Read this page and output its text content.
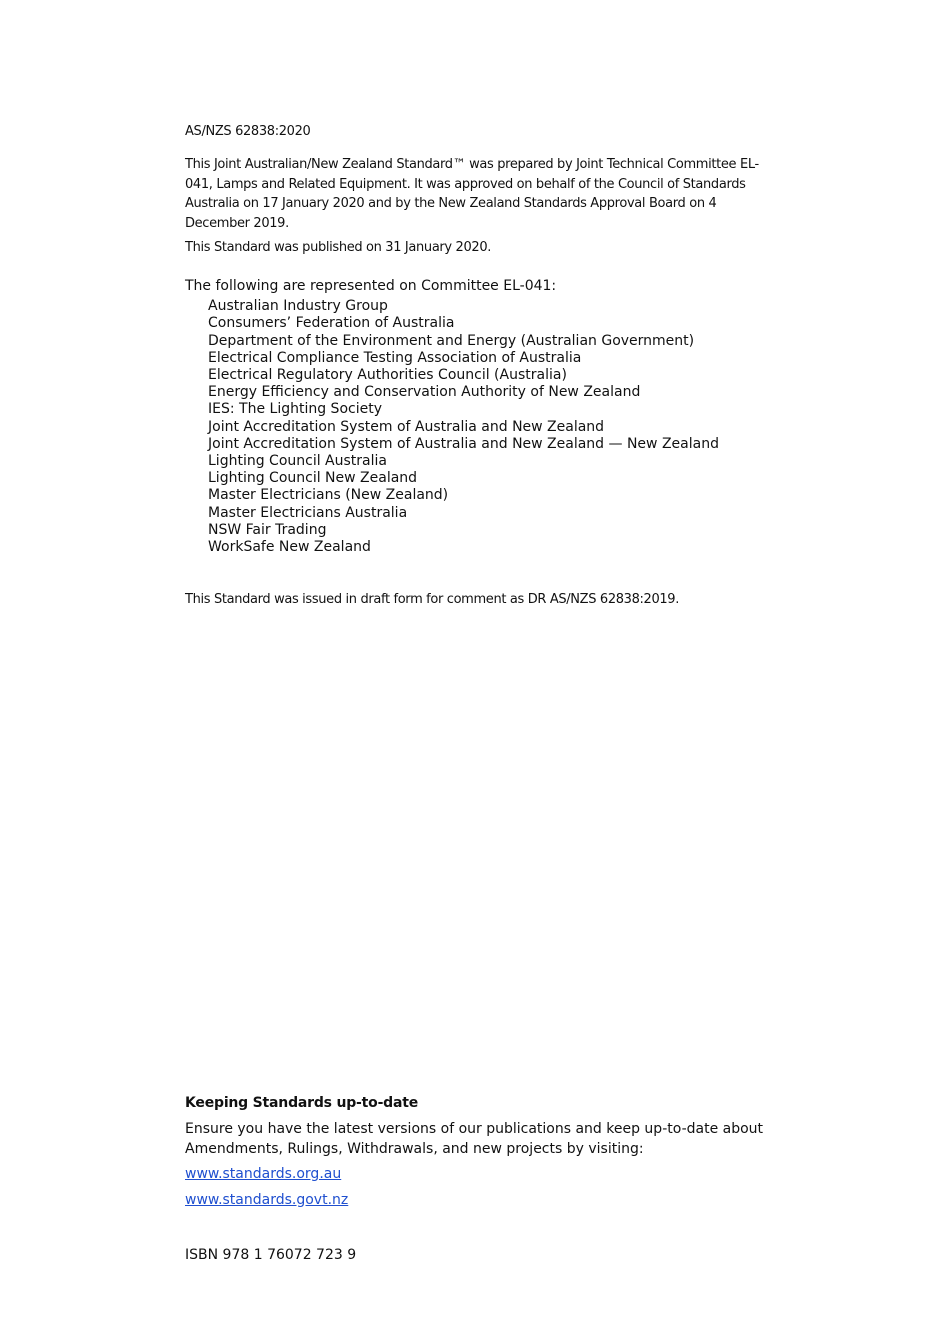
AS/NZS 62838:2020

This Joint Australian/New Zealand Standard™ was prepared by Joint Technical Committee EL-041, Lamps and Related Equipment. It was approved on behalf of the Council of Standards Australia on 17 January 2020 and by the New Zealand Standards Approval Board on 4 December 2019.

This Standard was published on 31 January 2020.
The following are represented on Committee EL-041:
Australian Industry Group
Consumers’ Federation of Australia
Department of the Environment and Energy (Australian Government)
Electrical Compliance Testing Association of Australia
Electrical Regulatory Authorities Council (Australia)
Energy Efficiency and Conservation Authority of New Zealand
IES: The Lighting Society
Joint Accreditation System of Australia and New Zealand
Joint Accreditation System of Australia and New Zealand — New Zealand
Lighting Council Australia
Lighting Council New Zealand
Master Electricians (New Zealand)
Master Electricians Australia
NSW Fair Trading
WorkSafe New Zealand
This Standard was issued in draft form for comment as DR AS/NZS 62838:2019.
Keeping Standards up-to-date
Ensure you have the latest versions of our publications and keep up-to-date about Amendments, Rulings, Withdrawals, and new projects by visiting:
www.standards.org.au
www.standards.govt.nz
ISBN 978 1 76072 723 9
